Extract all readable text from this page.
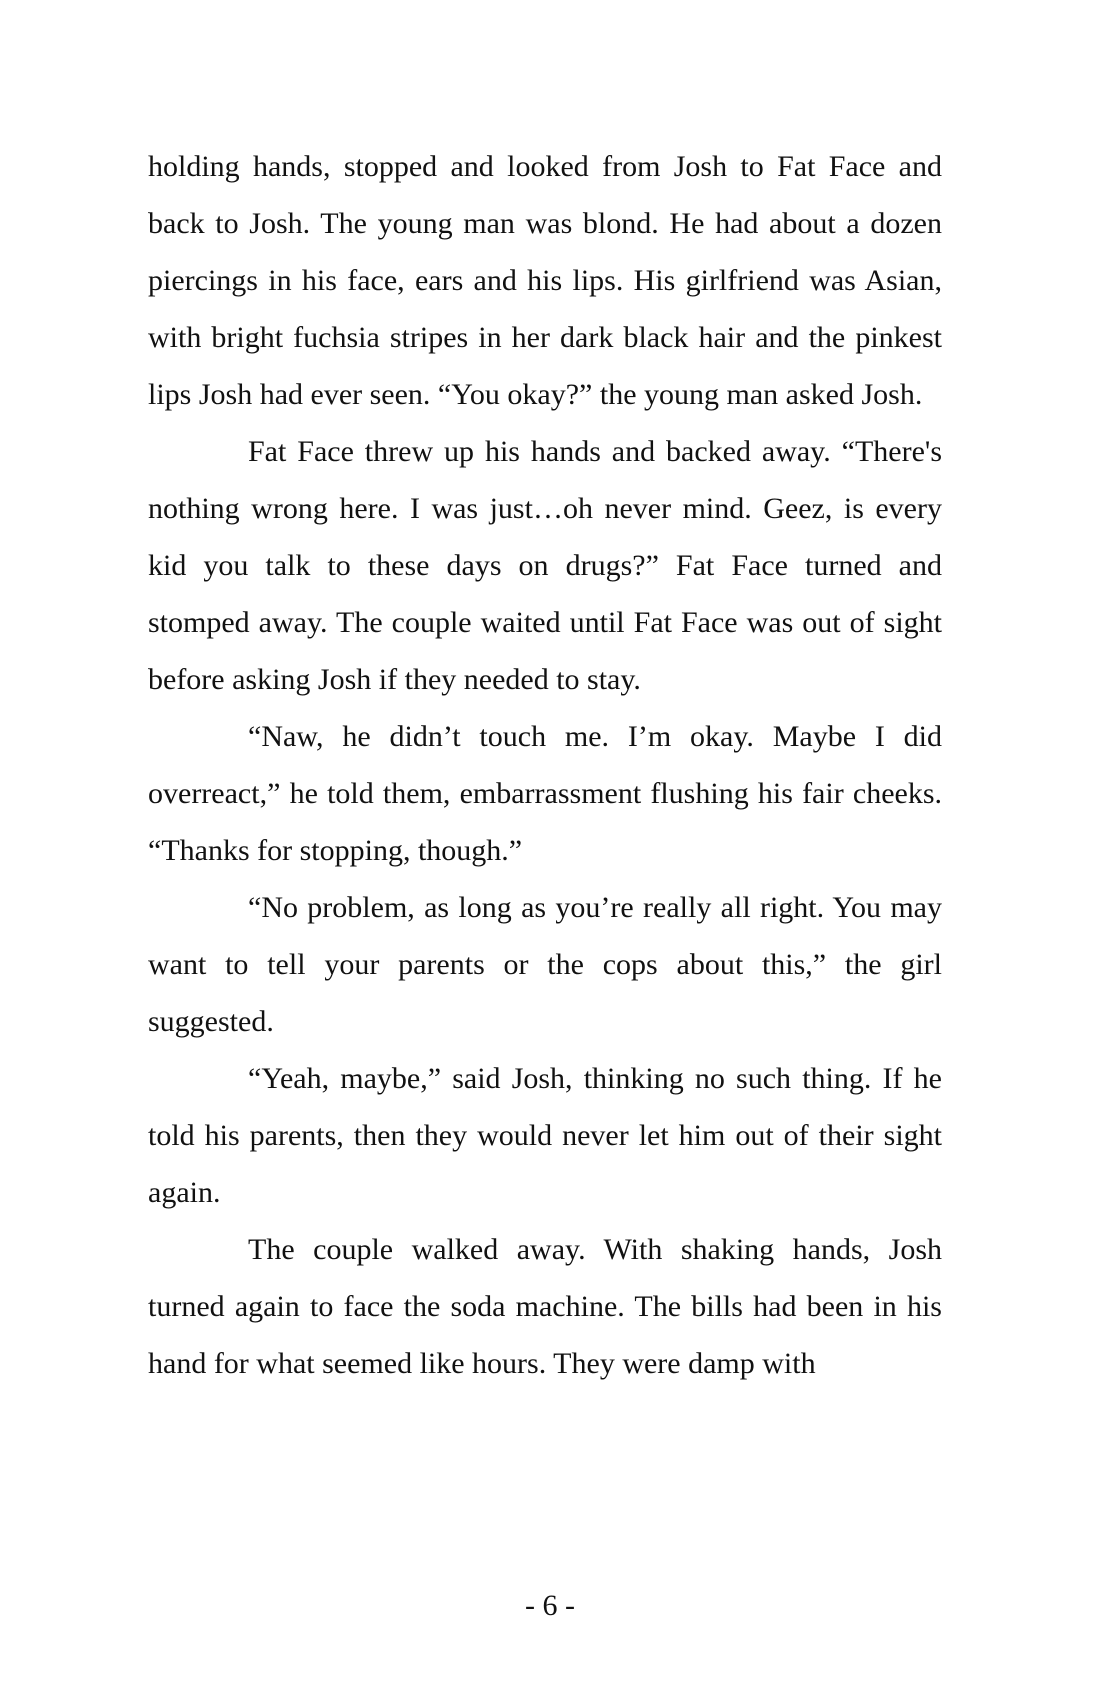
holding hands, stopped and looked from Josh to Fat Face and back to Josh. The young man was blond. He had about a dozen piercings in his face, ears and his lips. His girlfriend was Asian, with bright fuchsia stripes in her dark black hair and the pinkest lips Josh had ever seen. “You okay?” the young man asked Josh.

Fat Face threw up his hands and backed away. “There's nothing wrong here. I was just…oh never mind. Geez, is every kid you talk to these days on drugs?” Fat Face turned and stomped away. The couple waited until Fat Face was out of sight before asking Josh if they needed to stay.

“Naw, he didn’t touch me. I’m okay. Maybe I did overreact,” he told them, embarrassment flushing his fair cheeks. “Thanks for stopping, though.”

“No problem, as long as you’re really all right. You may want to tell your parents or the cops about this,” the girl suggested.

“Yeah, maybe,” said Josh, thinking no such thing. If he told his parents, then they would never let him out of their sight again.

The couple walked away. With shaking hands, Josh turned again to face the soda machine. The bills had been in his hand for what seemed like hours. They were damp with

- 6 -
